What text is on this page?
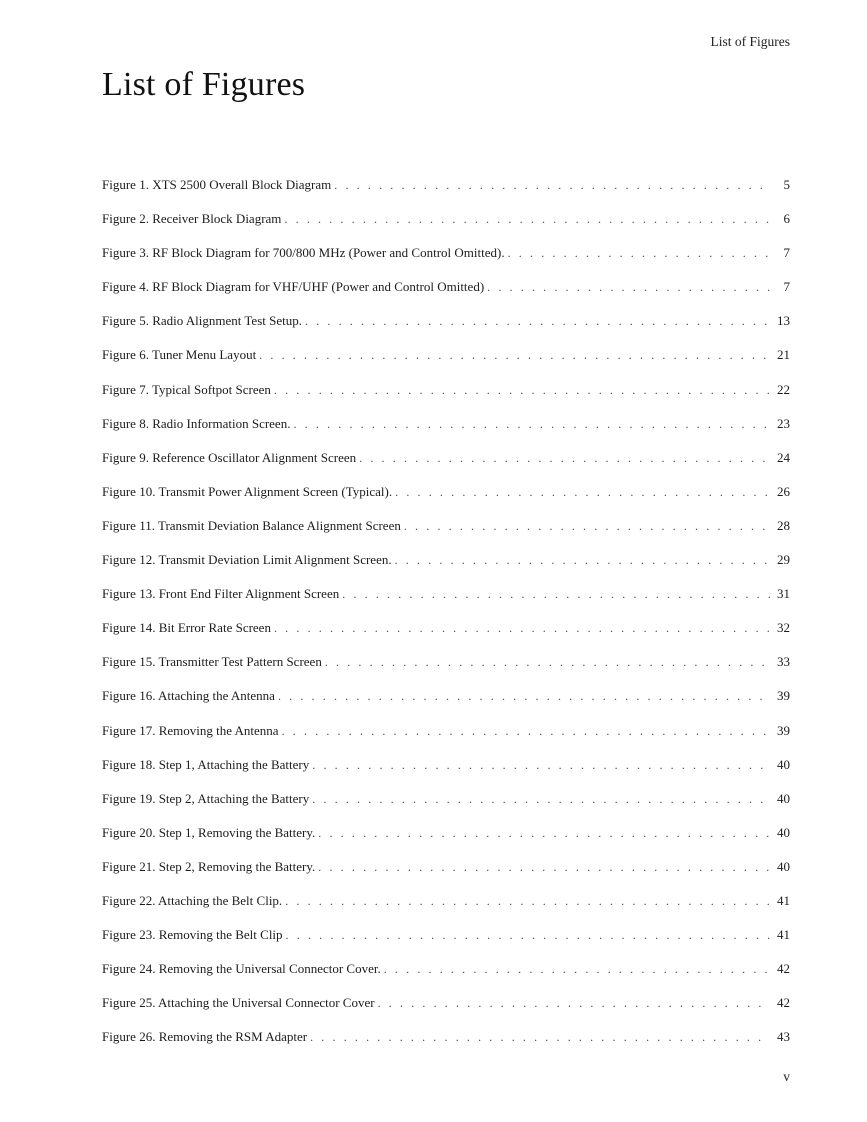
List of Figures
List of Figures
Figure 1. XTS 2500 Overall Block Diagram . . .	5
Figure 2. Receiver Block Diagram . . .	6
Figure 3. RF Block Diagram for 700/800 MHz (Power and Control Omitted). . . .	7
Figure 4. RF Block Diagram for VHF/UHF (Power and Control Omitted) . . .	7
Figure 5. Radio Alignment Test Setup. . . .	13
Figure 6. Tuner Menu Layout . . .	21
Figure 7. Typical Softpot Screen . . .	22
Figure 8. Radio Information Screen. . . .	23
Figure 9. Reference Oscillator Alignment Screen . . .	24
Figure 10. Transmit Power Alignment Screen (Typical). . . .	26
Figure 11. Transmit Deviation Balance Alignment Screen . . .	28
Figure 12. Transmit Deviation Limit Alignment Screen. . . .	29
Figure 13. Front End Filter Alignment Screen . . .	31
Figure 14. Bit Error Rate Screen . . .	32
Figure 15. Transmitter Test Pattern Screen . . .	33
Figure 16. Attaching the Antenna . . .	39
Figure 17. Removing the Antenna . . .	39
Figure 18. Step 1, Attaching the Battery . . .	40
Figure 19. Step 2, Attaching the Battery . . .	40
Figure 20. Step 1, Removing the Battery. . . .	40
Figure 21. Step 2, Removing the Battery. . . .	40
Figure 22. Attaching the Belt Clip. . . .	41
Figure 23. Removing the Belt Clip . . .	41
Figure 24. Removing the Universal Connector Cover. . . .	42
Figure 25. Attaching the Universal Connector Cover . . .	42
Figure 26. Removing the RSM Adapter . . .	43
v
